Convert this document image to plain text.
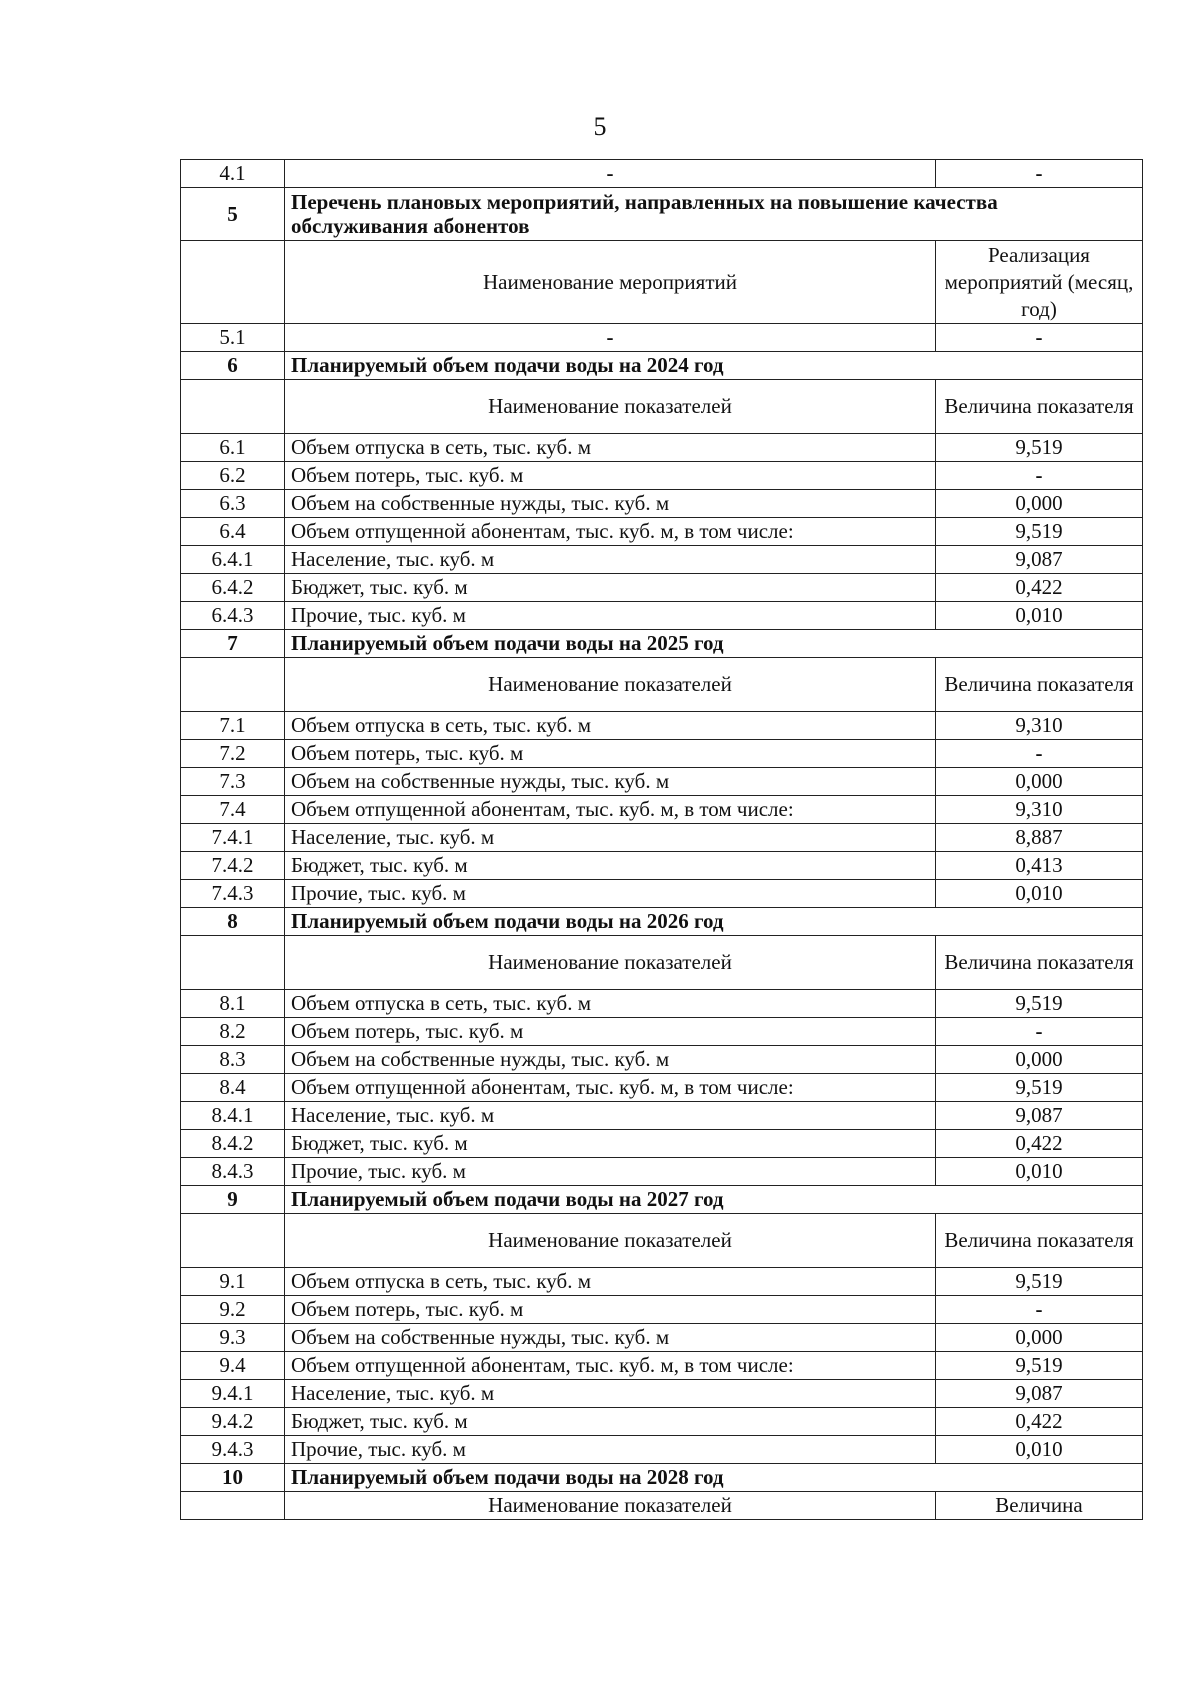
5
4.1	-	-
5	Перечень плановых мероприятий, направленных на повышение качества обслуживания абонентов	
	Наименование мероприятий	Реализация мероприятий (месяц, год)
5.1	-	-
6	Планируемый объем подачи воды на 2024 год	
	Наименование показателей	Величина показателя
6.1	Объем отпуска в сеть, тыс. куб. м	9,519
6.2	Объем потерь, тыс. куб. м	-
6.3	Объем на собственные нужды, тыс. куб. м	0,000
6.4	Объем отпущенной абонентам, тыс. куб. м, в том числе:	9,519
6.4.1	Население, тыс. куб. м	9,087
6.4.2	Бюджет, тыс. куб. м	0,422
6.4.3	Прочие, тыс. куб. м	0,010
7	Планируемый объем подачи воды на 2025 год	
	Наименование показателей	Величина показателя
7.1	Объем отпуска в сеть, тыс. куб. м	9,310
7.2	Объем потерь, тыс. куб. м	-
7.3	Объем на собственные нужды, тыс. куб. м	0,000
7.4	Объем отпущенной абонентам, тыс. куб. м, в том числе:	9,310
7.4.1	Население, тыс. куб. м	8,887
7.4.2	Бюджет, тыс. куб. м	0,413
7.4.3	Прочие, тыс. куб. м	0,010
8	Планируемый объем подачи воды на 2026 год	
	Наименование показателей	Величина показателя
8.1	Объем отпуска в сеть, тыс. куб. м	9,519
8.2	Объем потерь, тыс. куб. м	-
8.3	Объем на собственные нужды, тыс. куб. м	0,000
8.4	Объем отпущенной абонентам, тыс. куб. м, в том числе:	9,519
8.4.1	Население, тыс. куб. м	9,087
8.4.2	Бюджет, тыс. куб. м	0,422
8.4.3	Прочие, тыс. куб. м	0,010
9	Планируемый объем подачи воды на 2027 год	
	Наименование показателей	Величина показателя
9.1	Объем отпуска в сеть, тыс. куб. м	9,519
9.2	Объем потерь, тыс. куб. м	-
9.3	Объем на собственные нужды, тыс. куб. м	0,000
9.4	Объем отпущенной абонентам, тыс. куб. м, в том числе:	9,519
9.4.1	Население, тыс. куб. м	9,087
9.4.2	Бюджет, тыс. куб. м	0,422
9.4.3	Прочие, тыс. куб. м	0,010
10	Планируемый объем подачи воды на 2028 год	
	Наименование показателей	Величина
